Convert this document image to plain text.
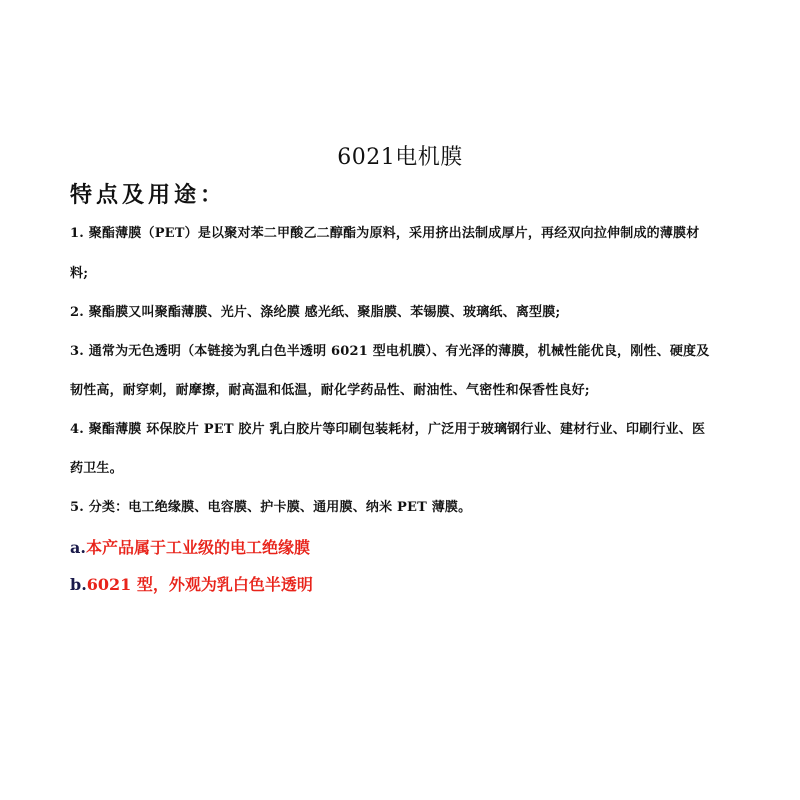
6021电机膜
特点及用途：
1. 聚酯薄膜（PET）是以聚对苯二甲酸乙二醇酯为原料，采用挤出法制成厚片，再经双向拉伸制成的薄膜材
料;
2. 聚酯膜又叫聚酯薄膜、光片、涤纶膜 感光纸、聚脂膜、苯锡膜、玻璃纸、离型膜;
3. 通常为无色透明（本链接为乳白色半透明 6021 型电机膜）、有光泽的薄膜，机械性能优良，刚性、硬度及
韧性高，耐穿刺，耐摩擦，耐高温和低温，耐化学药品性、耐油性、气密性和保香性良好;
4. 聚酯薄膜 环保胶片 PET 胶片 乳白胶片等印刷包装耗材，广泛用于玻璃钢行业、建材行业、印刷行业、医
药卫生。
5. 分类：电工绝缘膜、电容膜、护卡膜、通用膜、纳米 PET 薄膜。
a.本产品属于工业级的电工绝缘膜
b.6021 型，外观为乳白色半透明
